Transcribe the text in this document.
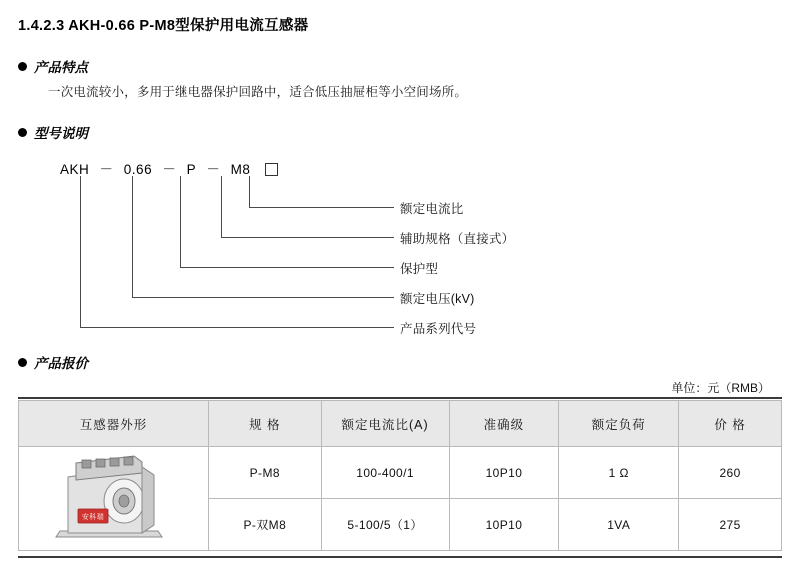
1.4.2.3 AKH-0.66 P-M8型保护用电流互感器
产品特点
一次电流较小，多用于继电器保护回路中，适合低压抽屉柜等小空间场所。
型号说明
AKH － 0.66 － P － M8
额定电流比
辅助规格（直接式）
保护型
额定电压(kV)
产品系列代号
产品报价
单位：元（RMB）
互感器外形	规 格	额定电流比(A)	准确级	额定负荷	价 格

安科瑞	P-M8	100-400/1	10P10	1 Ω	260
	P-双M8	5-100/5（1）	10P10	1VA	275
